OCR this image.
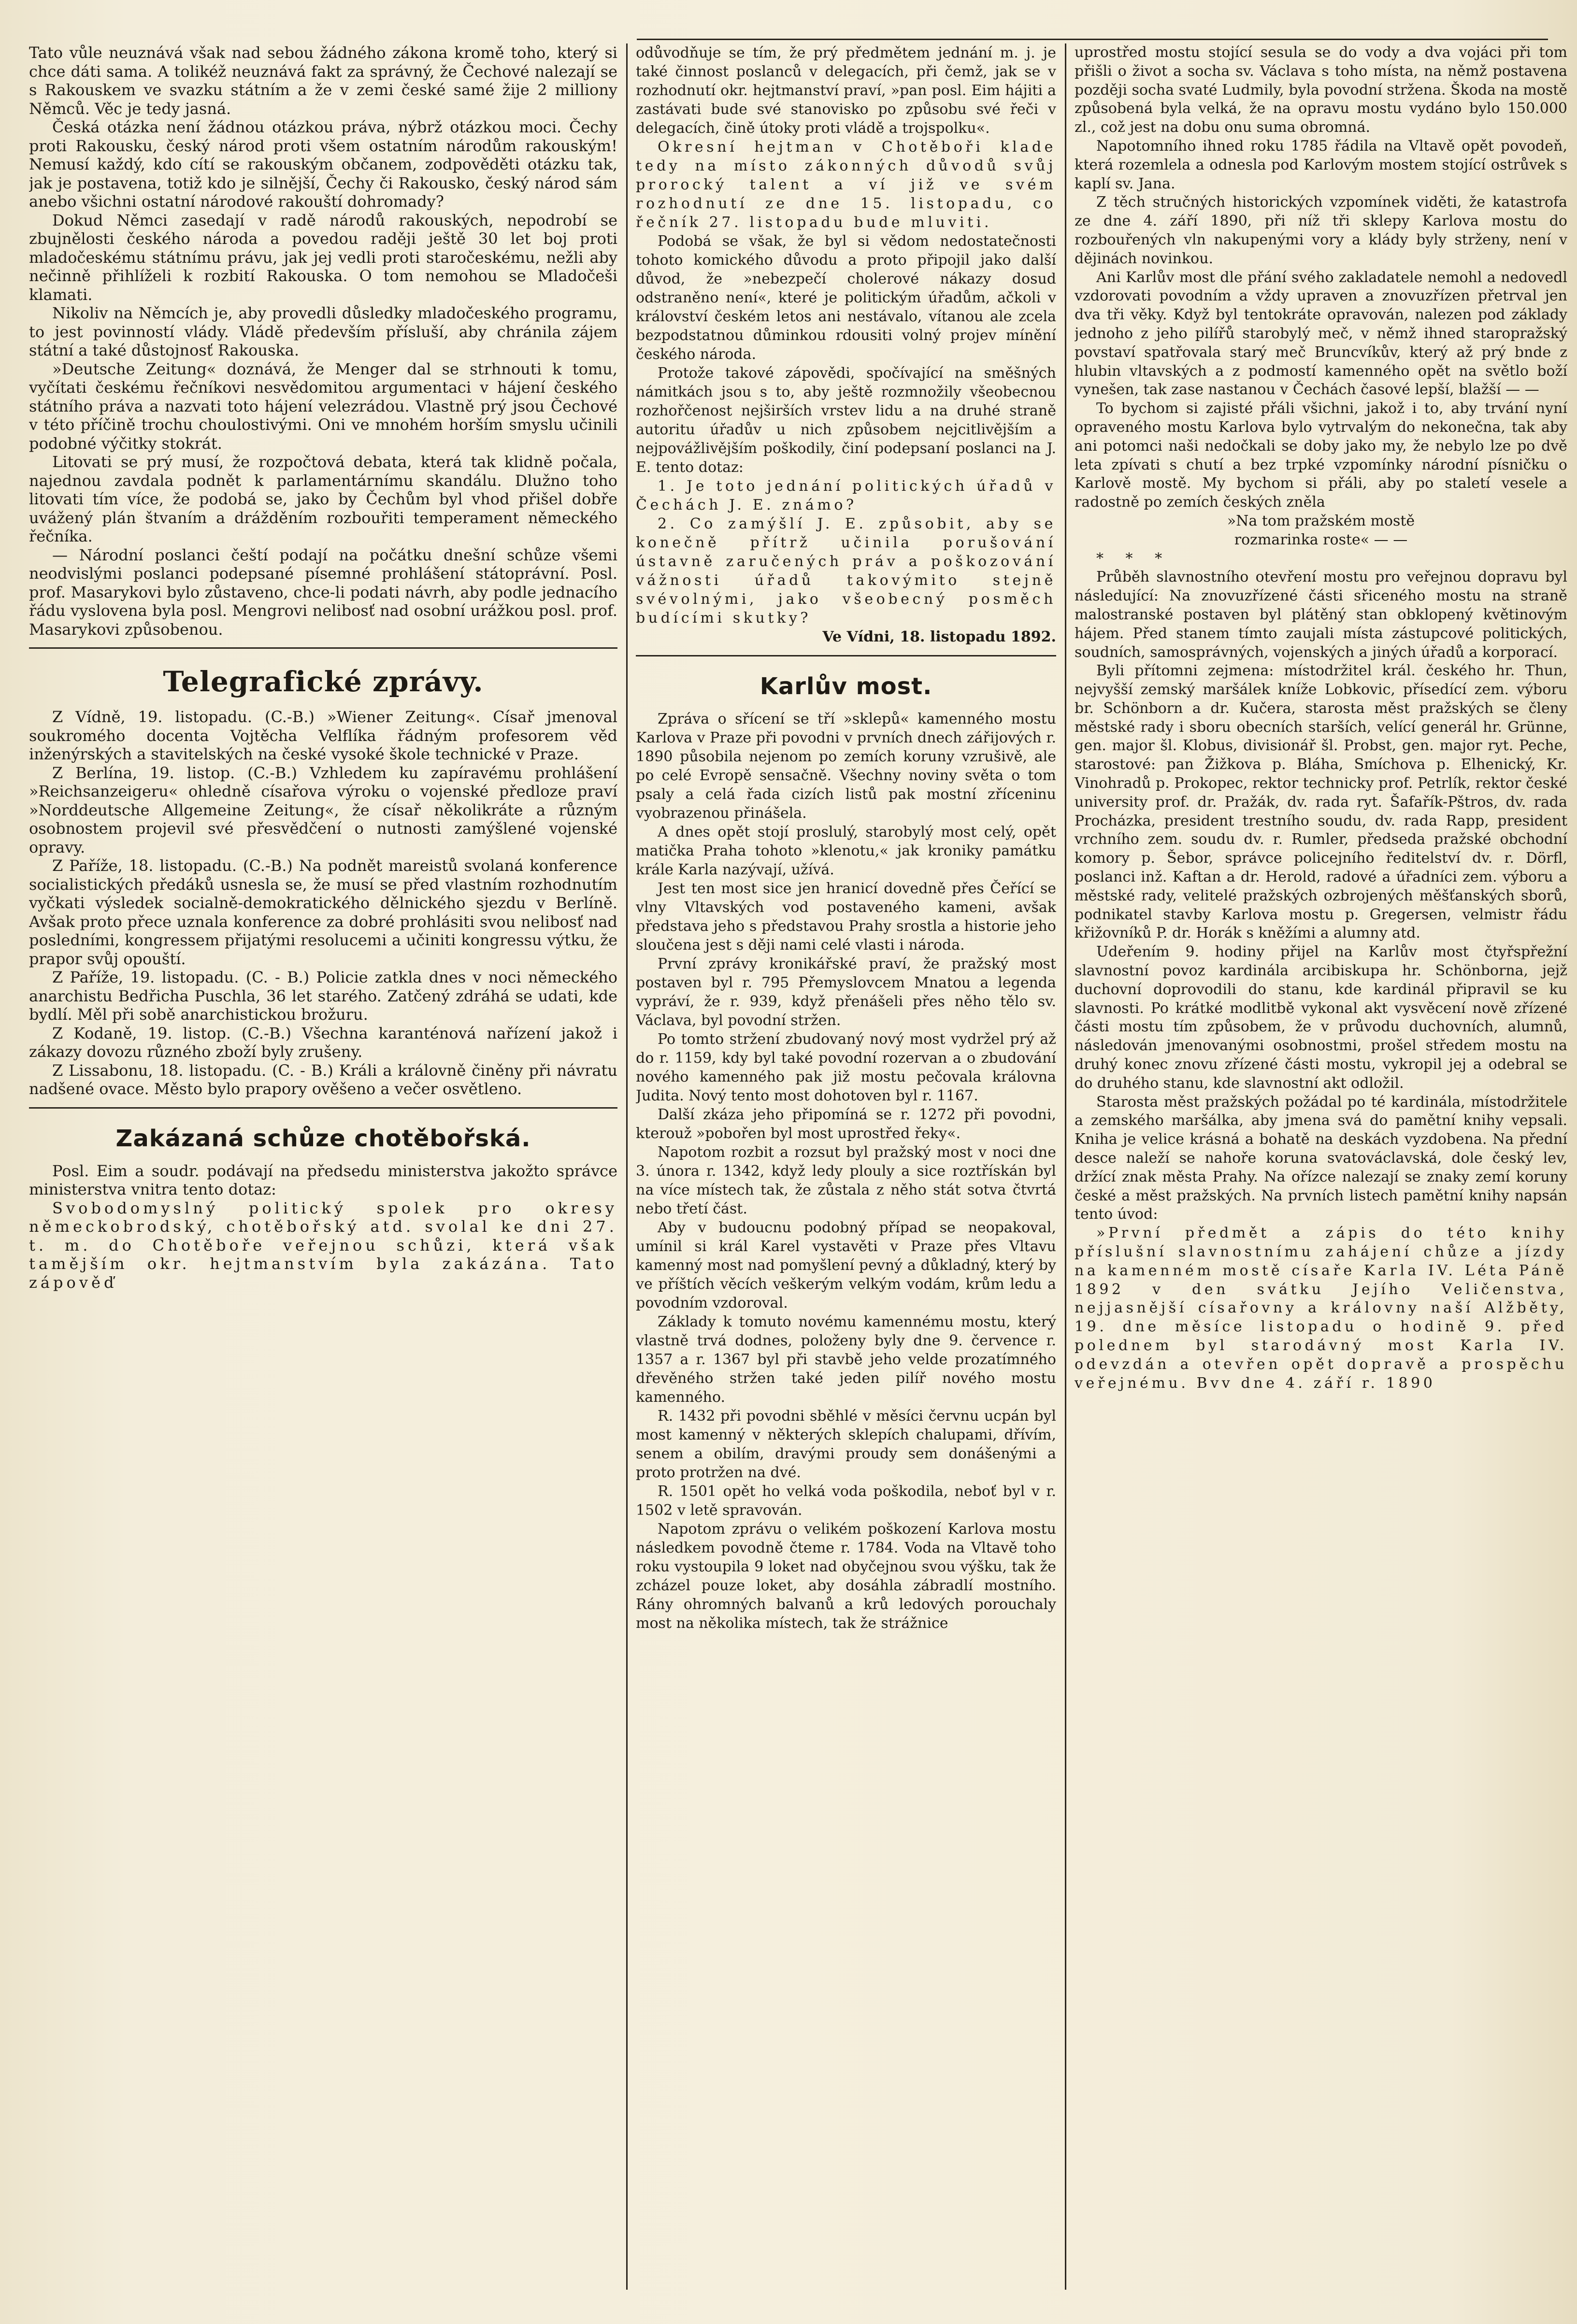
Tato vůle neuznává však nad sebou žádného zákona kromě toho, který si chce dáti sama. A tolikéž neuznává fakt za správný, že Čechové nalezají se s Rakouskem ve svazku státním a že v zemi české samé žije 2 milliony Němců. Věc je tedy jasná.

Česká otázka není žádnou otázkou práva, nýbrž otázkou moci. Čechy proti Rakousku, český národ proti všem ostatním národům rakouským! Nemusí každý, kdo cítí se rakouským občanem, zodpověděti otázku tak, jak je postavena, totiž kdo je silnější, Čechy či Rakousko, český národ sám anebo všichni ostatní národové rakouští dohromady?

Dokud Němci zasedají v radě národů rakouských, nepodrobí se zbujnělosti českého národa a povedou raději ještě 30 let boj proti mladočeskému státnímu právu, jak jej vedli proti staročeskému, nežli aby nečinně přihlíželi k rozbití Rakouska. O tom nemohou se Mladočeši klamati.

Nikoliv na Němcích je, aby provedli důsledky mladočeského programu, to jest povinností vlády. Vládě především přísluší, aby chránila zájem státní a také důstojnosť Rakouska.

»Deutsche Zeitung« doznává, že Menger dal se strhnouti k tomu, vyčítati českému řečníkovi nesvědomitou argumentaci v hájení českého státního práva a nazvati toto hájení velezrádou. Vlastně prý jsou Čechové v této příčině trochu choulostivými. Oni ve mnohém horším smyslu učinili podobné výčitky stokrát.

Litovati se prý musí, že rozpočtová debata, která tak klidně počala, najednou zavdala podnět k parlamentárnímu skandálu. Dlužno toho litovati tím více, že podobá se, jako by Čechům byl vhod přišel dobře uvážený plán štvaním a drážděním rozbouřiti temperament německého řečníka.

— Národní poslanci čeští podají na počátku dnešní schůze všemi neodvislými poslanci podepsané písemné prohlášení státoprávní. Posl. prof. Masarykovi bylo zůstaveno, chce-li podati návrh, aby podle jednacího řádu vyslovena byla posl. Mengrovi nelibosť nad osobní urážkou posl. prof. Masarykovi způsobenou.

Telegrafické zprávy.

Z Vídně, 19. listopadu. (C.-B.) »Wiener Zeitung«. Císař jmenoval soukromého docenta Vojtěcha Velflíka řádným profesorem věd inženýrských a stavitelských na české vysoké škole technické v Praze.

Z Berlína, 19. listop. (C.-B.) Vzhledem ku zapíravému prohlášení »Reichsanzeigeru« ohledně císařova výroku o vojenské předloze praví »Norddeutsche Allgemeine Zeitung«, že císař několikráte a různým osobnostem projevil své přesvědčení o nutnosti zamýšlené vojenské opravy.

Z Paříže, 18. listopadu. (C.-B.) Na podnět mareistů svolaná konference socialistických předáků usnesla se, že musí se před vlastním rozhodnutím vyčkati výsledek socialně-demokratického dělnického sjezdu v Berlíně. Avšak proto přece uznala konference za dobré prohlásiti svou nelibosť nad posledními, kongressem přijatými resolucemi a učiniti kongressu výtku, že prapor svůj opouští.

Z Paříže, 19. listopadu. (C. - B.) Policie zatkla dnes v noci německého anarchistu Bedřicha Puschla, 36 let starého. Zatčený zdráhá se udati, kde bydlí. Měl při sobě anarchistickou brožuru.

Z Kodaně, 19. listop. (C.-B.) Všechna karanténová nařízení jakož i zákazy dovozu různého zboží byly zrušeny.

Z Lissabonu, 18. listopadu. (C. - B.) Králi a královně činěny při návratu nadšené ovace. Město bylo prapory ověšeno a večer osvětleno.

Zakázaná schůze chotěbořská.

Posl. Eim a soudr. podávají na předsedu ministerstva jakožto správce ministerstva vnitra tento dotaz:

Svobodomyslný politický spolek pro okresy německobrodský, chotěbořský atd. svolal ke dni 27. t. m. do Chotěboře veřejnou schůzi, která však tamějším okr. hejtmanstvím byla zakázána. Tato zápověď

odůvodňuje se tím, že prý předmětem jednání m. j. je také činnost poslanců v delegacích, při čemž, jak se v rozhodnutí okr. hejtmanství praví, »pan posl. Eim hájiti a zastávati bude své stanovisko po způsobu své řeči v delegacích, čině útoky proti vládě a trojspolku«.

Okresní hejtman v Chotěboři klade tedy na místo zákonných důvodů svůj prorocký talent a ví již ve svém rozhodnutí ze dne 15. listopadu, co řečník 27. listopadu bude mluviti.

Podobá se však, že byl si vědom nedostatečnosti tohoto komického důvodu a proto připojil jako další důvod, že »nebezpečí cholerové nákazy dosud odstraněno není«, které je politickým úřadům, ačkoli v království českém letos ani nestávalo, vítanou ale zcela bezpodstatnou důminkou rdousiti volný projev mínění českého národa.

Protože takové zápovědi, spočívající na směšných námitkách jsou s to, aby ještě rozmnožily všeobecnou rozhořčenost nejširších vrstev lidu a na druhé straně autoritu úřadův u nich způsobem nejcitlivějším a nejpovážlivějším poškodily, činí podepsaní poslanci na J. E. tento dotaz:

1. Je toto jednání politických úřadů v Čechách J. E. známo?

2. Co zamýšlí J. E. způsobit, aby se konečně přítrž učinila porušování ústavně zaručených práv a poškozování vážnosti úřadů takovýmito stejně svévolnými, jako všeobecný posměch budícími skutky?

Ve Vídni, 18. listopadu 1892.

Karlův most.

Zpráva o sřícení se tří »sklepů« kamenného mostu Karlova v Praze při povodni v prvních dnech zářijových r. 1890 působila nejenom po zemích koruny vzrušivě, ale po celé Evropě sensačně. Všechny noviny světa o tom psaly a celá řada cizích listů pak mostní zříceninu vyobrazenou přinášela.

A dnes opět stojí proslulý, starobylý most celý, opět matička Praha tohoto »klenotu,« jak kroniky památku krále Karla nazývají, užívá.

Jest ten most sice jen hranicí dovedně přes Čeřící se vlny Vltavských vod postaveného kameni, avšak představa jeho s představou Prahy srostla a historie jeho sloučena jest s ději nami celé vlasti i národa.

První zprávy kronikářské praví, že pražský most postaven byl r. 795 Přemyslovcem Mnatou a legenda vypráví, že r. 939, když přenášeli přes něho tělo sv. Václava, byl povodní stržen.

Po tomto stržení zbudovaný nový most vydržel prý až do r. 1159, kdy byl také povodní rozervan a o zbudování nového kamenného pak již mostu pečovala královna Judita. Nový tento most dohotoven byl r. 1167.

Další zkáza jeho připomíná se r. 1272 při povodni, kterouž »pobořen byl most uprostřed řeky«.

Napotom rozbit a rozsut byl pražský most v noci dne 3. února r. 1342, když ledy plouly a sice roztřískán byl na více místech tak, že zůstala z něho stát sotva čtvrtá nebo třetí část.

Aby v budoucnu podobný případ se neopakoval, umínil si král Karel vystavěti v Praze přes Vltavu kamenný most nad pomyšlení pevný a důkladný, který by ve příštích věcích veškerým velkým vodám, krům ledu a povodním vzdoroval.

Základy k tomuto novému kamennému mostu, který vlastně trvá dodnes, položeny byly dne 9. července r. 1357 a r. 1367 byl při stavbě jeho velde prozatímného dřevěného stržen také jeden pilíř nového mostu kamenného.

R. 1432 při povodni sběhlé v měsíci červnu ucpán byl most kamenný v některých sklepích chalupami, dřívím, senem a obilím, dravými proudy sem donášenými a proto protržen na dvé.

R. 1501 opět ho velká voda poškodila, neboť byl v r. 1502 v letě spravován.

Napotom zprávu o velikém poškození Karlova mostu následkem povodně čteme r. 1784. Voda na Vltavě toho roku vystoupila 9 loket nad obyčejnou svou výšku, tak že zcházel pouze loket, aby dosáhla zábradlí mostního. Rány ohromných balvanů a krů ledových porouchaly most na několika místech, tak že strážnice

uprostřed mostu stojící sesula se do vody a dva vojáci při tom přišli o život a socha sv. Václava s toho místa, na němž postavena později socha svaté Ludmily, byla povodní stržena. Škoda na mostě způsobená byla velká, že na opravu mostu vydáno bylo 150.000 zl., což jest na dobu onu suma obromná.

Napotomního ihned roku 1785 řádila na Vltavě opět povodeň, která rozemlela a odnesla pod Karlovým mostem stojící ostrůvek s kaplí sv. Jana.

Z těch stručných historických vzpomínek viděti, že katastrofa ze dne 4. září 1890, při níž tři sklepy Karlova mostu do rozbouřených vln nakupenými vory a klády byly strženy, není v dějinách novinkou.

Ani Karlův most dle přání svého zakladatele nemohl a nedovedl vzdorovati povodním a vždy upraven a znovuzřízen přetrval jen dva tři věky. Když byl tentokráte opravován, nalezen pod základy jednoho z jeho pilířů starobylý meč, v němž ihned staropražský povstaví spatřovala starý meč Bruncvíkův, který až prý bnde z hlubin vltavských a z podmostí kamenného opět na světlo boží vynešen, tak zase nastanou v Čechách časové lepší, blažší — —

To bychom si zajisté přáli všichni, jakož i to, aby trvání nyní opraveného mostu Karlova bylo vytrvalým do nekonečna, tak aby ani potomci naši nedočkali se doby jako my, že nebylo lze po dvě leta zpívati s chutí a bez trpké vzpomínky národní písničku o Karlově mostě. My bychom si přáli, aby po staletí vesele a radostně po zemích českých zněla

»Na tom pražském mostě

rozmarinka roste« — —

* * *

Průběh slavnostního otevření mostu pro veřejnou dopravu byl následující: Na znovuzřízené části sřiceného mostu na straně malostranské postaven byl plátěný stan obklopený květinovým hájem. Před stanem tímto zaujali místa zástupcové politických, soudních, samosprávných, vojenských a jiných úřadů a korporací.

Byli přítomni zejmena: místodržitel král. českého hr. Thun, nejvyšší zemský maršálek kníže Lobkovic, přísedící zem. výboru br. Schönborn a dr. Kučera, starosta měst pražských se členy městské rady i sboru obecních starších, velící generál hr. Grünne, gen. major šl. Klobus, divisionář šl. Probst, gen. major ryt. Peche, starostové: pan Žižkova p. Bláha, Smíchova p. Elhenický, Kr. Vinohradů p. Prokopec, rektor technicky prof. Petrlík, rektor české university prof. dr. Pražák, dv. rada ryt. Šafařík-Pštros, dv. rada Procházka, president trestního soudu, dv. rada Rapp, president vrchního zem. soudu dv. r. Rumler, předseda pražské obchodní komory p. Šebor, správce policejního ředitelství dv. r. Dörfl, poslanci inž. Kaftan a dr. Herold, radové a úřadníci zem. výboru a městské rady, velitelé pražských ozbrojených měšťanských sborů, podnikatel stavby Karlova mostu p. Gregersen, velmistr řádu křižovníků P. dr. Horák s kněžími a alumny atd.

Udeřením 9. hodiny přijel na Karlův most čtyřspřežní slavnostní povoz kardinála arcibiskupa hr. Schönborna, jejž duchovní doprovodili do stanu, kde kardinál připravil se ku slavnosti. Po krátké modlitbě vykonal akt vysvěcení nově zřízené části mostu tím způsobem, že v průvodu duchovních, alumnů, následován jmenovanými osobnostmi, prošel středem mostu na druhý konec znovu zřízené části mostu, vykropil jej a odebral se do druhého stanu, kde slavnostní akt odložil.

Starosta měst pražských požádal po té kardinála, místodržitele a zemského maršálka, aby jmena svá do pamětní knihy vepsali. Kniha je velice krásná a bohatě na deskách vyzdobena. Na přední desce naleží se nahoře koruna svatováclavská, dole český lev, držící znak města Prahy. Na ořízce nalezají se znaky zemí koruny české a měst pražských. Na prvních listech pamětní knihy napsán tento úvod:

»První předmět a zápis do této knihy příslušní slavnostnímu zahájení chůze a jízdy na kamenném mostě císaře Karla IV. Léta Páně 1892 v den svátku Jejího Veličenstva, nejjasnější císařovny a královny naší Alžběty, 19. dne měsíce listopadu o hodině 9. před polednem byl starodávný most Karla IV. odevzdán a otevřen opět dopravě a prospěchu veřejnému. Bvv dne 4. září r. 1890
